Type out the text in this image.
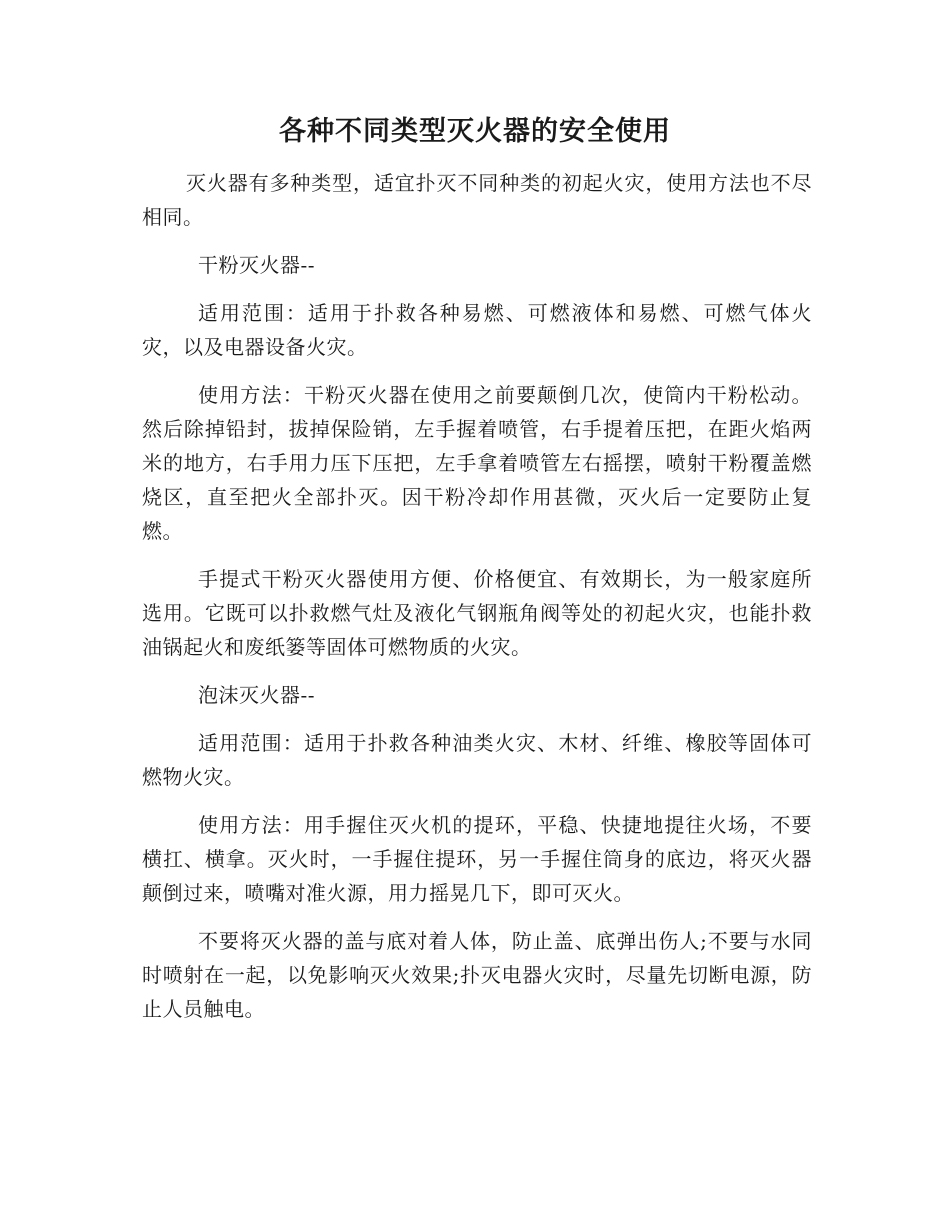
各种不同类型灭火器的安全使用

灭火器有多种类型，适宜扑灭不同种类的初起火灾，使用方法也不尽相同。

干粉灭火器--

适用范围：适用于扑救各种易燃、可燃液体和易燃、可燃气体火灾，以及电器设备火灾。

使用方法：干粉灭火器在使用之前要颠倒几次，使筒内干粉松动。然后除掉铅封，拔掉保险销，左手握着喷管，右手提着压把，在距火焰两米的地方，右手用力压下压把，左手拿着喷管左右摇摆，喷射干粉覆盖燃烧区，直至把火全部扑灭。因干粉冷却作用甚微，灭火后一定要防止复燃。

手提式干粉灭火器使用方便、价格便宜、有效期长，为一般家庭所选用。它既可以扑救燃气灶及液化气钢瓶角阀等处的初起火灾，也能扑救油锅起火和废纸篓等固体可燃物质的火灾。

泡沫灭火器--

适用范围：适用于扑救各种油类火灾、木材、纤维、橡胶等固体可燃物火灾。

使用方法：用手握住灭火机的提环，平稳、快捷地提往火场，不要横扛、横拿。灭火时，一手握住提环，另一手握住筒身的底边，将灭火器颠倒过来，喷嘴对准火源，用力摇晃几下，即可灭火。

不要将灭火器的盖与底对着人体，防止盖、底弹出伤人;不要与水同时喷射在一起，以免影响灭火效果;扑灭电器火灾时，尽量先切断电源，防止人员触电。
